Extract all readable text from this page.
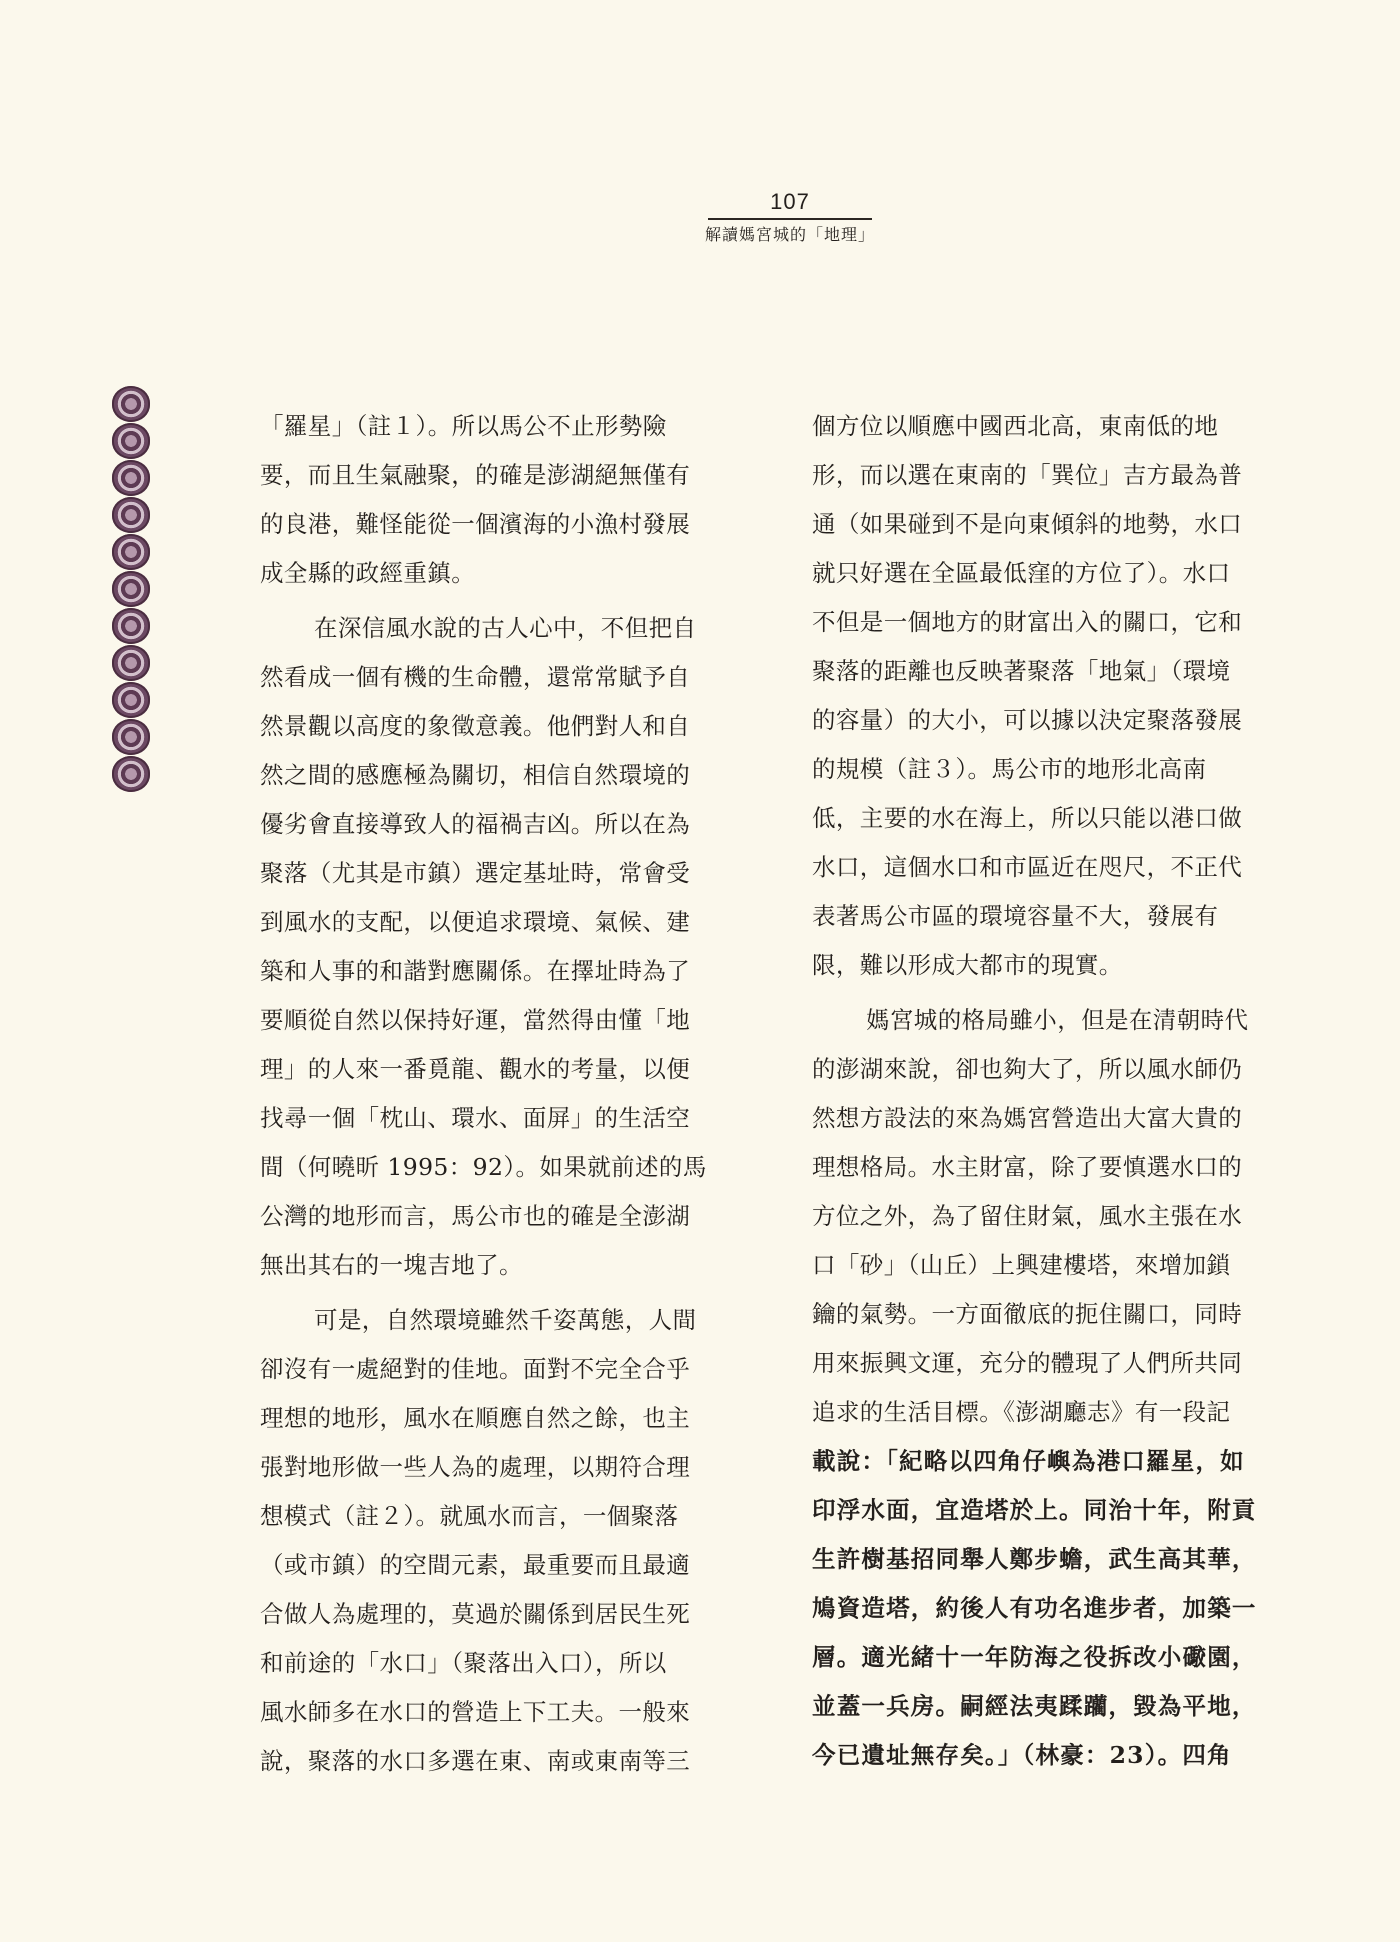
107
解讀媽宮城的「地理」
「羅星」（註１）。所以馬公不止形勢險
要，而且生氣融聚，的確是澎湖絕無僅有
的良港，難怪能從一個濱海的小漁村發展
成全縣的政經重鎮。
在深信風水說的古人心中，不但把自
然看成一個有機的生命體，還常常賦予自
然景觀以高度的象徵意義。他們對人和自
然之間的感應極為關切，相信自然環境的
優劣會直接導致人的福禍吉凶。所以在為
聚落（尤其是市鎮）選定基址時，常會受
到風水的支配，以便追求環境、氣候、建
築和人事的和諧對應關係。在擇址時為了
要順從自然以保持好運，當然得由懂「地
理」的人來一番覓龍、觀水的考量，以便
找尋一個「枕山、環水、面屏」的生活空
間（何曉昕 1995：92）。如果就前述的馬
公灣的地形而言，馬公市也的確是全澎湖
無出其右的一塊吉地了。
可是，自然環境雖然千姿萬態，人間
卻沒有一處絕對的佳地。面對不完全合乎
理想的地形，風水在順應自然之餘，也主
張對地形做一些人為的處理，以期符合理
想模式（註２）。就風水而言，一個聚落
（或市鎮）的空間元素，最重要而且最適
合做人為處理的，莫過於關係到居民生死
和前途的「水口」（聚落出入口），所以
風水師多在水口的營造上下工夫。一般來
說，聚落的水口多選在東、南或東南等三
個方位以順應中國西北高，東南低的地
形，而以選在東南的「巽位」吉方最為普
通（如果碰到不是向東傾斜的地勢，水口
就只好選在全區最低窪的方位了）。水口
不但是一個地方的財富出入的關口，它和
聚落的距離也反映著聚落「地氣」（環境
的容量）的大小，可以據以決定聚落發展
的規模（註３）。馬公市的地形北高南
低，主要的水在海上，所以只能以港口做
水口，這個水口和市區近在咫尺，不正代
表著馬公市區的環境容量不大，發展有
限，難以形成大都市的現實。
媽宮城的格局雖小，但是在清朝時代
的澎湖來說，卻也夠大了，所以風水師仍
然想方設法的來為媽宮營造出大富大貴的
理想格局。水主財富，除了要慎選水口的
方位之外，為了留住財氣，風水主張在水
口「砂」（山丘）上興建樓塔，來增加鎖
鑰的氣勢。一方面徹底的扼住關口，同時
用來振興文運，充分的體現了人們所共同
追求的生活目標。《澎湖廳志》有一段記
載說：「紀略以四角仔嶼為港口羅星，如
印浮水面，宜造塔於上。同治十年，附貢
生許樹基招同舉人鄭步蟾，武生高其華，
鳩資造塔，約後人有功名進步者，加築一
層。適光緒十一年防海之役拆改小礮園，
並蓋一兵房。嗣經法夷蹂躪，毀為平地，
今已遺址無存矣。」（林豪：23）。四角
